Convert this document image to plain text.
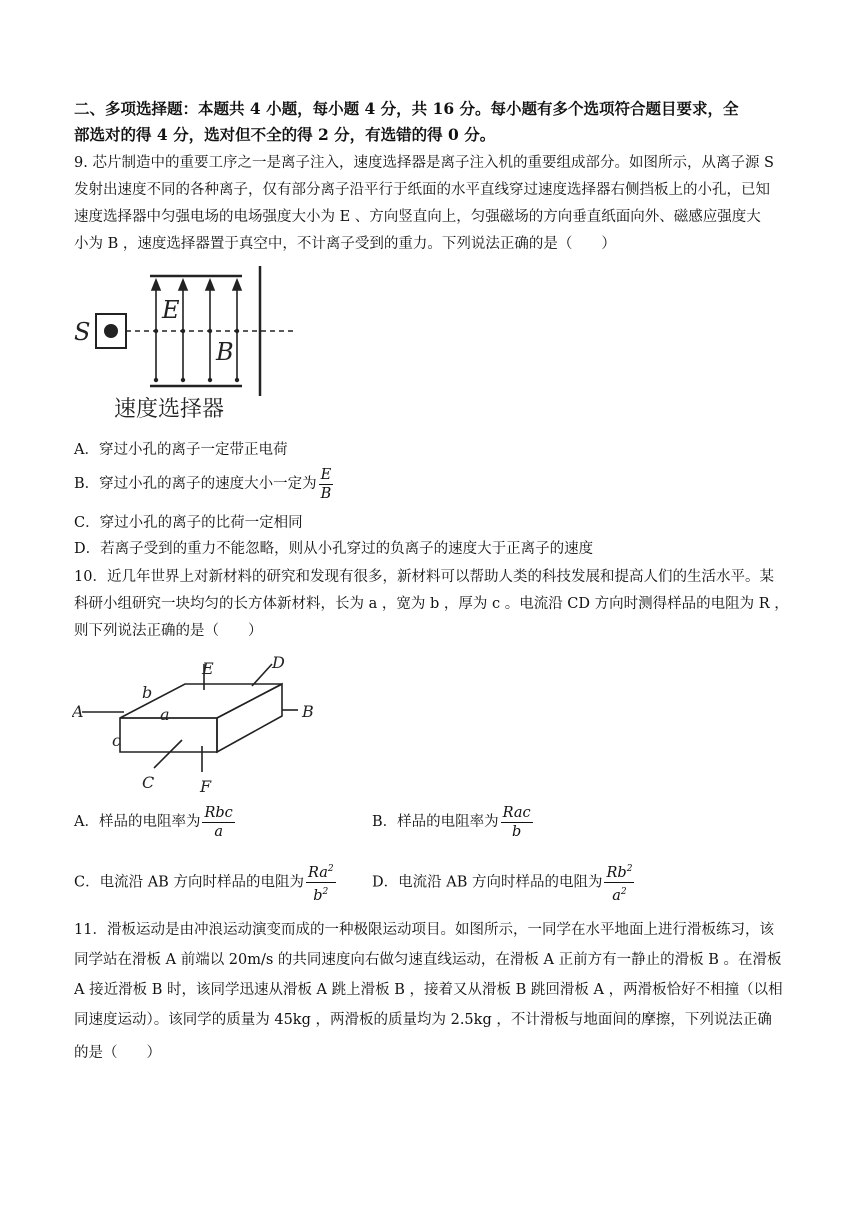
二、多项选择题：本题共 4 小题，每小题 4 分，共 16 分。每小题有多个选项符合题目要求，全
部选对的得 4 分，选对但不全的得 2 分，有选错的得 0 分。
9. 芯片制造中的重要工序之一是离子注入，速度选择器是离子注入机的重要组成部分。如图所示，从离子源 S
发射出速度不同的各种离子，仅有部分离子沿平行于纸面的水平直线穿过速度选择器右侧挡板上的小孔，已知
速度选择器中匀强电场的电场强度大小为 E 、方向竖直向上，匀强磁场的方向垂直纸面向外、磁感应强度大
小为 B ，速度选择器置于真空中，不计离子受到的重力。下列说法正确的是（　　）
S
E
B
速度选择器
A．穿过小孔的离子一定带正电荷
B．穿过小孔的离子的速度大小一定为 $\frac{E}{B}$
C．穿过小孔的离子的比荷一定相同
D．若离子受到的重力不能忽略，则从小孔穿过的负离子的速度大于正离子的速度
10．近几年世界上对新材料的研究和发现有很多，新材料可以帮助人类的科技发展和提高人们的生活水平。某
科研小组研究一块均匀的长方体新材料，长为 a ，宽为 b ，厚为 c 。电流沿 CD 方向时测得样品的电阻为 R ，
则下列说法正确的是（　　）
A	B
C
D
E
F
a
b
c
A．样品的电阻率为 $\frac{\text{Rbc}}{a}$	B．样品的电阻率为 $\frac{\text{Rac}}{b}$
C．电流沿 AB 方向时样品的电阻为 $\frac{Ra^2}{b^2}$	D．电流沿 AB 方向时样品的电阻为 $\frac{Rb^2}{a^2}$
11．滑板运动是由冲浪运动演变而成的一种极限运动项目。如图所示，一同学在水平地面上进行滑板练习，该
同学站在滑板 A 前端以 20m/s 的共同速度向右做匀速直线运动，在滑板 A 正前方有一静止的滑板 B 。在滑板
A 接近滑板 B 时，该同学迅速从滑板 A 跳上滑板 B ，接着又从滑板 B 跳回滑板 A ，两滑板恰好不相撞（以相
同速度运动）。该同学的质量为 45kg ，两滑板的质量均为 2.5kg ，不计滑板与地面间的摩擦，下列说法正确
的是（　　）
